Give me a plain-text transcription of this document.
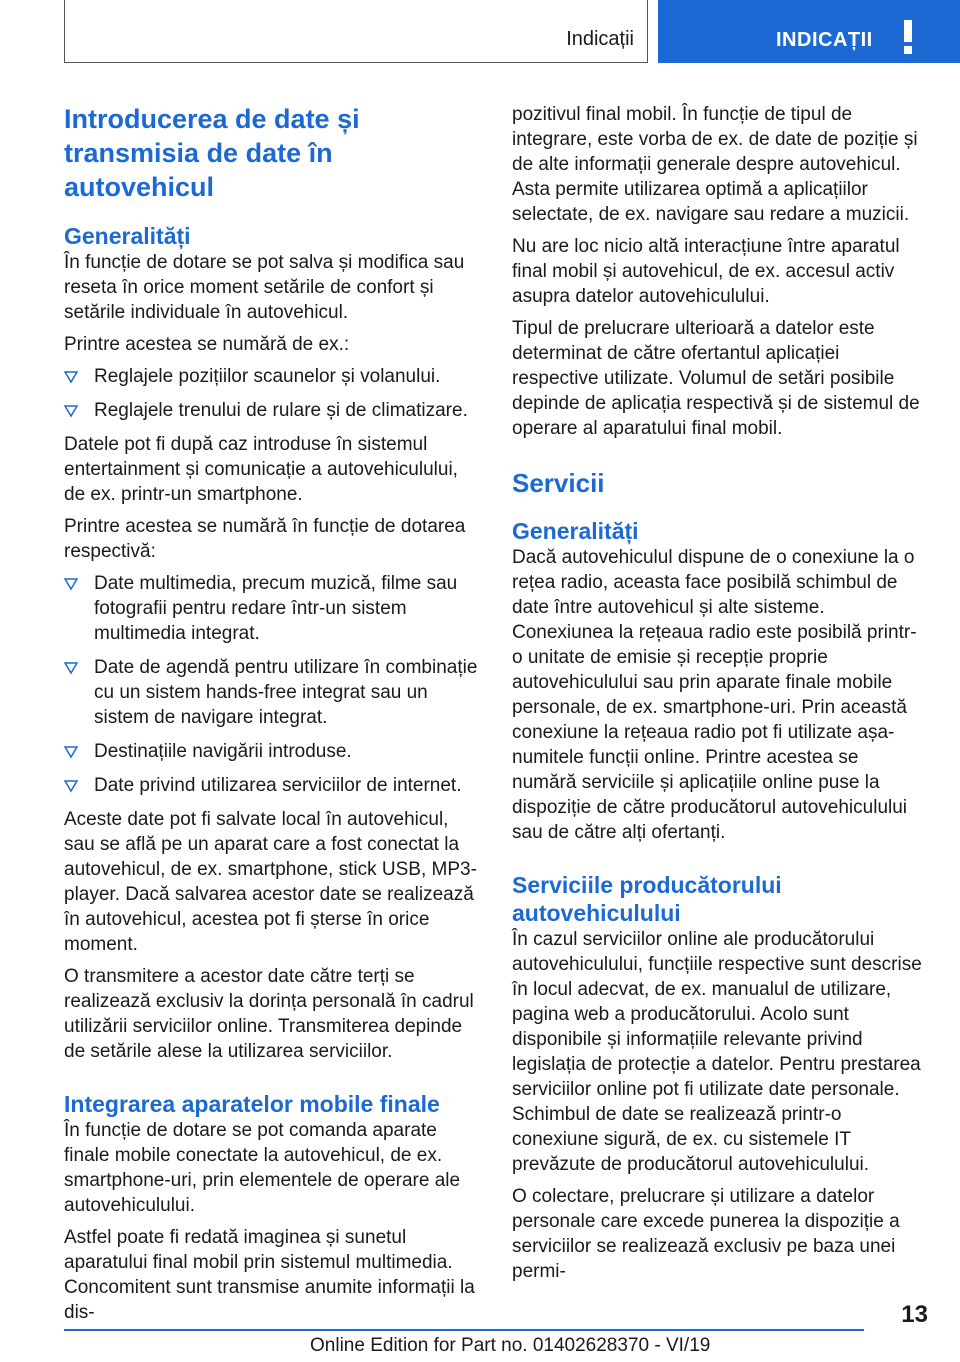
Indicații	INDICAȚII
Introducerea de date și transmisia de date în autovehicul
Generalități

În funcție de dotare se pot salva și modifica sau reseta în orice moment setările de confort și setările individuale în autovehicul.

Printre acestea se numără de ex.:

Reglajele pozițiilor scaunelor și volanului.
Reglajele trenului de rulare și de climatizare.

Datele pot fi după caz introduse în sistemul entertainment și comunicație a autovehiculului, de ex. printr-un smartphone.

Printre acestea se numără în funcție de dotarea respectivă:

Date multimedia, precum muzică, filme sau fotografii pentru redare într-un sistem multimedia integrat.
Date de agendă pentru utilizare în combinație cu un sistem hands-free integrat sau un sistem de navigare integrat.
Destinațiile navigării introduse.
Date privind utilizarea serviciilor de internet.

Aceste date pot fi salvate local în autovehicul, sau se află pe un aparat care a fost conectat la autovehicul, de ex. smartphone, stick USB, MP3-player. Dacă salvarea acestor date se realizează în autovehicul, acestea pot fi șterse în orice moment.

O transmitere a acestor date către terți se realizează exclusiv la dorința personală în cadrul utilizării serviciilor online. Transmiterea depinde de setările alese la utilizarea serviciilor.

Integrarea aparatelor mobile finale

În funcție de dotare se pot comanda aparate finale mobile conectate la autovehicul, de ex. smartphone-uri, prin elementele de operare ale autovehiculului.

Astfel poate fi redată imaginea și sunetul aparatului final mobil prin sistemul multimedia. Concomitent sunt transmise anumite informații la dis-

pozitivul final mobil. În funcție de tipul de integrare, este vorba de ex. de date de poziție și de alte informații generale despre autovehicul. Asta permite utilizarea optimă a aplicațiilor selectate, de ex. navigare sau redare a muzicii.

Nu are loc nicio altă interacțiune între aparatul final mobil și autovehicul, de ex. accesul activ asupra datelor autovehiculului.

Tipul de prelucrare ulterioară a datelor este determinat de către ofertantul aplicației respective utilizate. Volumul de setări posibile depinde de aplicația respectivă și de sistemul de operare al aparatului final mobil.

Servicii
Generalități

Dacă autovehiculul dispune de o conexiune la o rețea radio, aceasta face posibilă schimbul de date între autovehicul și alte sisteme. Conexiunea la rețeaua radio este posibilă printr-o unitate de emisie și recepție proprie autovehiculului sau prin aparate finale mobile personale, de ex. smartphone-uri. Prin această conexiune la rețeaua radio pot fi utilizate așa-numitele funcții online. Printre acestea se numără serviciile și aplicațiile online puse la dispoziție de către producătorul autovehiculului sau de către alți ofertanți.

Serviciile producătorului autovehiculului

În cazul serviciilor online ale producătorului autovehiculului, funcțiile respective sunt descrise în locul adecvat, de ex. manualul de utilizare, pagina web a producătorului. Acolo sunt disponibile și informațiile relevante privind legislația de protecție a datelor. Pentru prestarea serviciilor online pot fi utilizate date personale. Schimbul de date se realizează printr-o conexiune sigură, de ex. cu sistemele IT prevăzute de producătorul autovehiculului.

O colectare, prelucrare și utilizare a datelor personale care excede punerea la dispoziție a serviciilor se realizează exclusiv pe baza unei permi-

13
Online Edition for Part no. 01402628370 - VI/19
